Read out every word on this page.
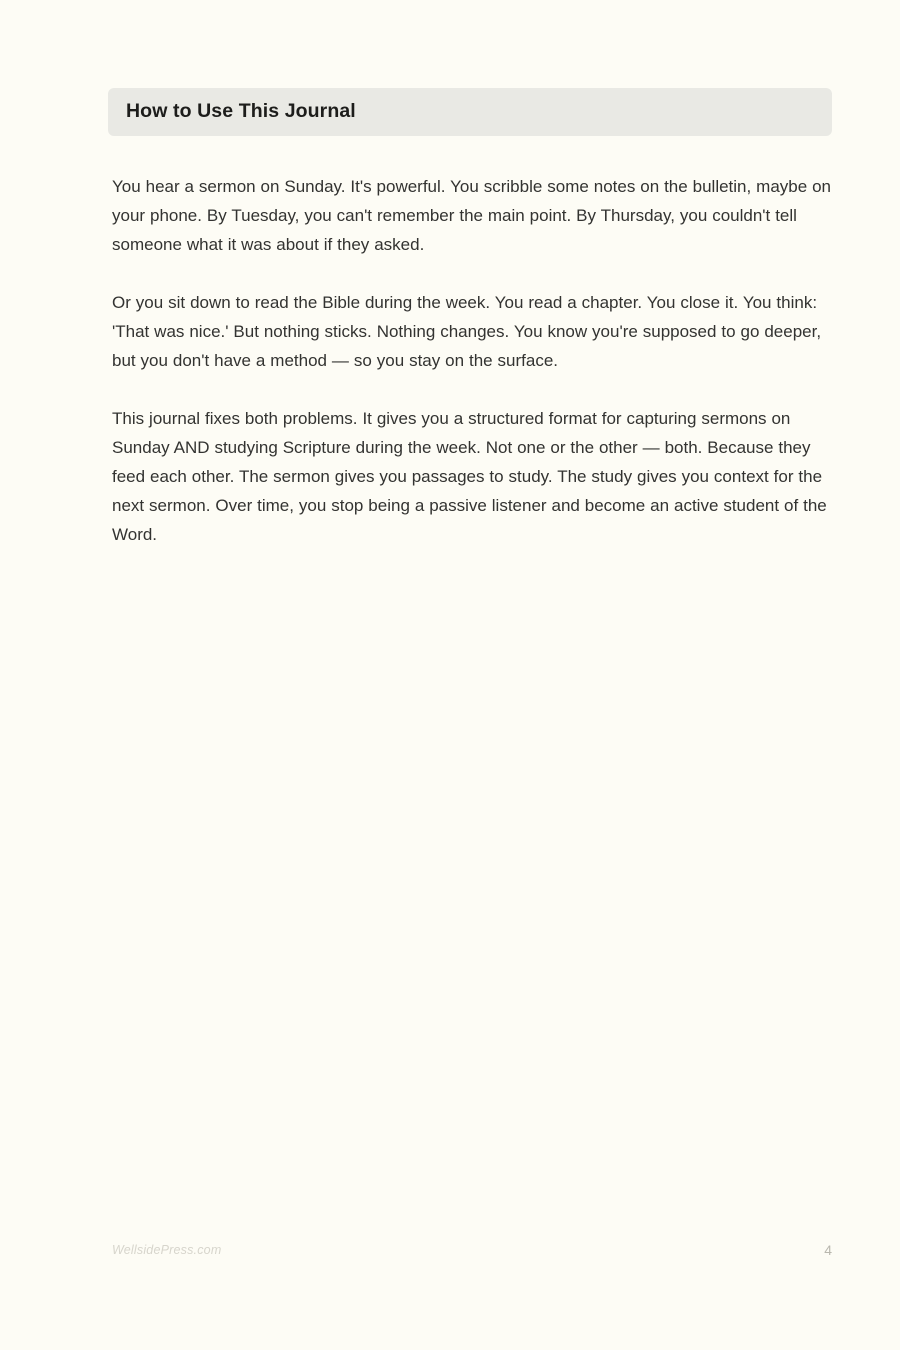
How to Use This Journal

You hear a sermon on Sunday. It's powerful. You scribble some notes on the bulletin, maybe on your phone. By Tuesday, you can't remember the main point. By Thursday, you couldn't tell someone what it was about if they asked.

Or you sit down to read the Bible during the week. You read a chapter. You close it. You think: 'That was nice.' But nothing sticks. Nothing changes. You know you're supposed to go deeper, but you don't have a method — so you stay on the surface.

This journal fixes both problems. It gives you a structured format for capturing sermons on Sunday AND studying Scripture during the week. Not one or the other — both. Because they feed each other. The sermon gives you passages to study. The study gives you context for the next sermon. Over time, you stop being a passive listener and become an active student of the Word.

WellsidePress.com	4
